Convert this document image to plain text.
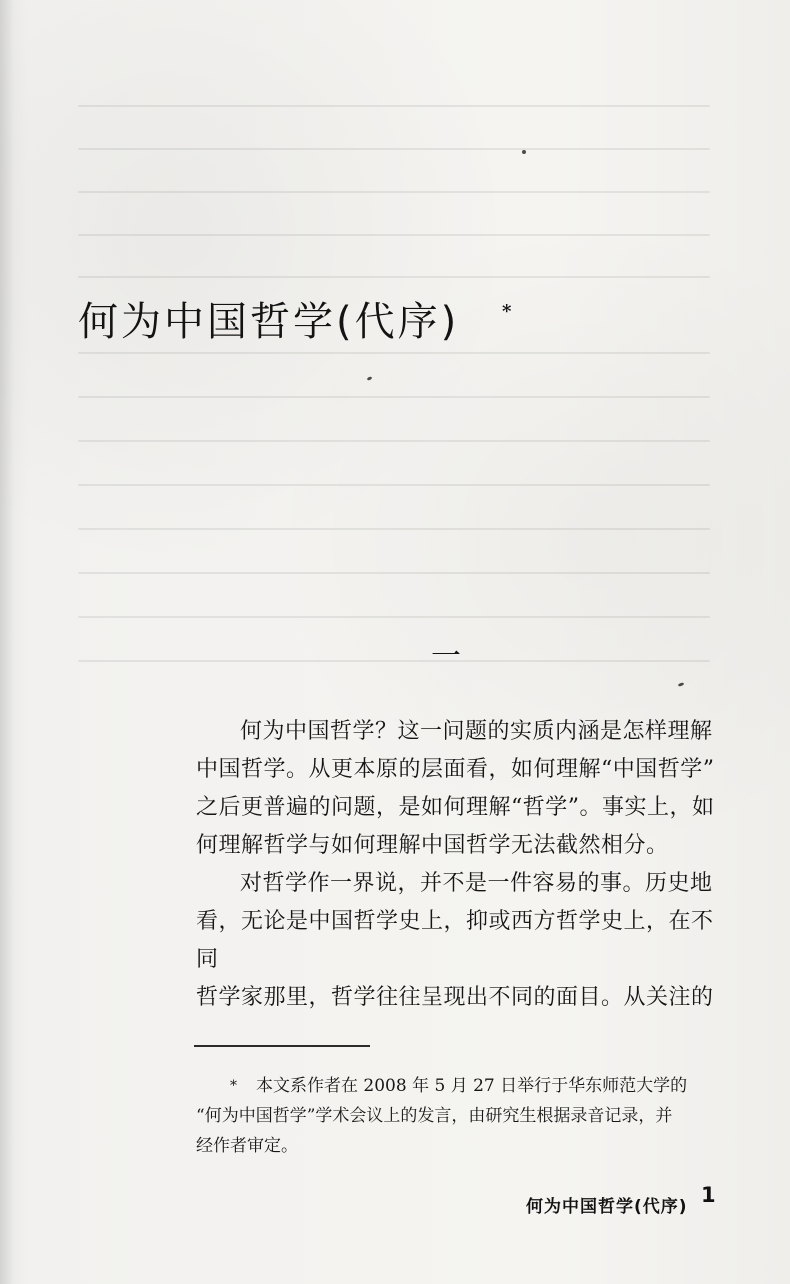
何为中国哲学(代序) *
一

何为中国哲学？这一问题的实质内涵是怎样理解
中国哲学。从更本原的层面看，如何理解“中国哲学”
之后更普遍的问题，是如何理解“哲学”。事实上，如
何理解哲学与如何理解中国哲学无法截然相分。

对哲学作一界说，并不是一件容易的事。历史地
看，无论是中国哲学史上，抑或西方哲学史上，在不同
哲学家那里，哲学往往呈现出不同的面目。从关注的

* 本文系作者在 2008 年 5 月 27 日举行于华东师范大学的
“何为中国哲学”学术会议上的发言，由研究生根据录音记录，并
经作者审定。

何为中国哲学(代序) 1
